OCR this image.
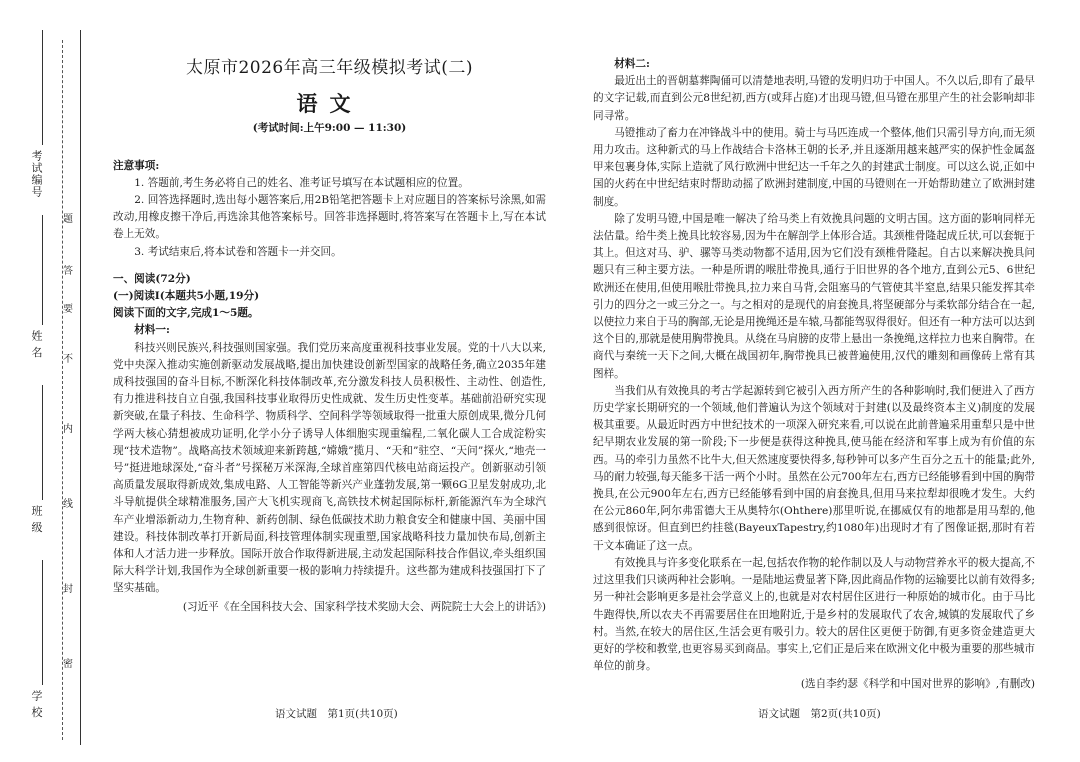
考试编号
姓 名
班 级
学 校
密
封
线
内
不
要
答
题
太原市2026年高三年级模拟考试(二)
语文
(考试时间:上午9:00 — 11:30)
注意事项:

1. 答题前,考生务必将自己的姓名、准考证号填写在本试题相应的位置。

2. 回答选择题时,选出每小题答案后,用2B铅笔把答题卡上对应题目的答案标号涂黑,如需改动,用橡皮擦干净后,再选涂其他答案标号。回答非选择题时,将答案写在答题卡上,写在本试卷上无效。

3. 考试结束后,将本试卷和答题卡一并交回。

一、阅读(72分)
(一)阅读Ⅰ(本题共5小题,19分)
阅读下面的文字,完成1～5题。

材料一:

科技兴则民族兴,科技强则国家强。我们党历来高度重视科技事业发展。党的十八大以来,党中央深入推动实施创新驱动发展战略,提出加快建设创新型国家的战略任务,确立2035年建成科技强国的奋斗目标,不断深化科技体制改革,充分激发科技人员积极性、主动性、创造性,有力推进科技自立自强,我国科技事业取得历史性成就、发生历史性变革。基础前沿研究实现新突破,在量子科技、生命科学、物质科学、空间科学等领域取得一批重大原创成果,微分几何学两大核心猜想被成功证明,化学小分子诱导人体细胞实现重编程,二氧化碳人工合成淀粉实现“技术造物”。战略高技术领域迎来新跨越,“嫦娥”揽月、“天和”驻空、“天问”探火,“地壳一号”挺进地球深处,“奋斗者”号探秘万米深海,全球首座第四代核电站商运投产。创新驱动引领高质量发展取得新成效,集成电路、人工智能等新兴产业蓬勃发展,第一颗6G卫星发射成功,北斗导航提供全球精准服务,国产大飞机实现商飞,高铁技术树起国际标杆,新能源汽车为全球汽车产业增添新动力,生物育种、新药创制、绿色低碳技术助力粮食安全和健康中国、美丽中国建设。科技体制改革打开新局面,科技管理体制实现重塑,国家战略科技力量加快布局,创新主体和人才活力进一步释放。国际开放合作取得新进展,主动发起国际科技合作倡议,牵头组织国际大科学计划,我国作为全球创新重要一极的影响力持续提升。这些都为建成科技强国打下了坚实基础。

(习近平《在全国科技大会、国家科学技术奖励大会、两院院士大会上的讲话》)
语文试题　第1页(共10页)

材料二:

最近出土的晋朝墓葬陶俑可以清楚地表明,马镫的发明归功于中国人。不久以后,即有了最早的文字记载,而直到公元8世纪初,西方(或拜占庭)才出现马镫,但马镫在那里产生的社会影响却非同寻常。

马镫推动了畜力在冲锋战斗中的使用。骑士与马匹连成一个整体,他们只需引导方向,而无须用力攻击。这种新式的马上作战结合卡洛林王朝的长矛,并且逐渐用越来越严实的保护性金属盔甲来包裹身体,实际上造就了风行欧洲中世纪达一千年之久的封建武士制度。可以这么说,正如中国的火药在中世纪结束时帮助动摇了欧洲封建制度,中国的马镫则在一开始帮助建立了欧洲封建制度。

除了发明马镫,中国是唯一解决了给马类上有效挽具问题的文明古国。这方面的影响同样无法估量。给牛类上挽具比较容易,因为牛在解剖学上体形合适。其颈椎骨隆起成丘状,可以套轭于其上。但这对马、驴、骡等马类动物都不适用,因为它们没有颈椎骨隆起。自古以来解决挽具问题只有三种主要方法。一种是所谓的喉肚带挽具,通行于旧世界的各个地方,直到公元5、6世纪欧洲还在使用,但使用喉肚带挽具,拉力来自马背,会阻塞马的气管使其半窒息,结果只能发挥其牵引力的四分之一或三分之一。与之相对的是现代的肩套挽具,将坚硬部分与柔软部分结合在一起,以使拉力来自于马的胸部,无论是用挽绳还是车辕,马都能驾驭得很好。但还有一种方法可以达到这个目的,那就是使用胸带挽具。从绕在马肩膀的皮带上悬出一条挽绳,这样拉力也来自胸带。在商代与秦统一天下之间,大概在战国初年,胸带挽具已被普遍使用,汉代的雕刻和画像砖上常有其图样。

当我们从有效挽具的考古学起源转到它被引入西方所产生的各种影响时,我们便进入了西方历史学家长期研究的一个领域,他们普遍认为这个领域对于封建(以及最终资本主义)制度的发展极其重要。从最近时西方中世纪技术的一项深入研究来看,可以说在此前普遍采用重犁只是中世纪早期农业发展的第一阶段;下一步便是获得这种挽具,使马能在经济和军事上成为有价值的东西。马的牵引力虽然不比牛大,但天然速度要快得多,每秒钟可以多产生百分之五十的能量;此外,马的耐力较强,每天能多干活一两个小时。虽然在公元700年左右,西方已经能够看到中国的胸带挽具,在公元900年左右,西方已经能够看到中国的肩套挽具,但用马来拉犁却很晚才发生。大约在公元860年,阿尔弗雷德大王从奥特尔(Ohthere)那里听说,在挪威仅有的地都是用马犁的,他感到很惊讶。但直到巴约挂毯(BayeuxTapestry,约1080年)出现时才有了图像证据,那时有若干文本确证了这一点。

有效挽具与许多变化联系在一起,包括农作物的轮作制以及人与动物营养水平的极大提高,不过这里我们只谈两种社会影响。一是陆地运费显著下降,因此商品作物的运输要比以前有效得多;另一种社会影响更多是社会学意义上的,也就是对农村居住区进行一种原始的城市化。由于马比牛跑得快,所以农夫不再需要居住在田地附近,于是乡村的发展取代了农舍,城镇的发展取代了乡村。当然,在较大的居住区,生活会更有吸引力。较大的居住区更便于防御,有更多资金建造更大更好的学校和教堂,也更容易买到商品。事实上,它们正是后来在欧洲文化中极为重要的那些城市单位的前身。

(选自李约瑟《科学和中国对世界的影响》,有删改)
语文试题　第2页(共10页)
